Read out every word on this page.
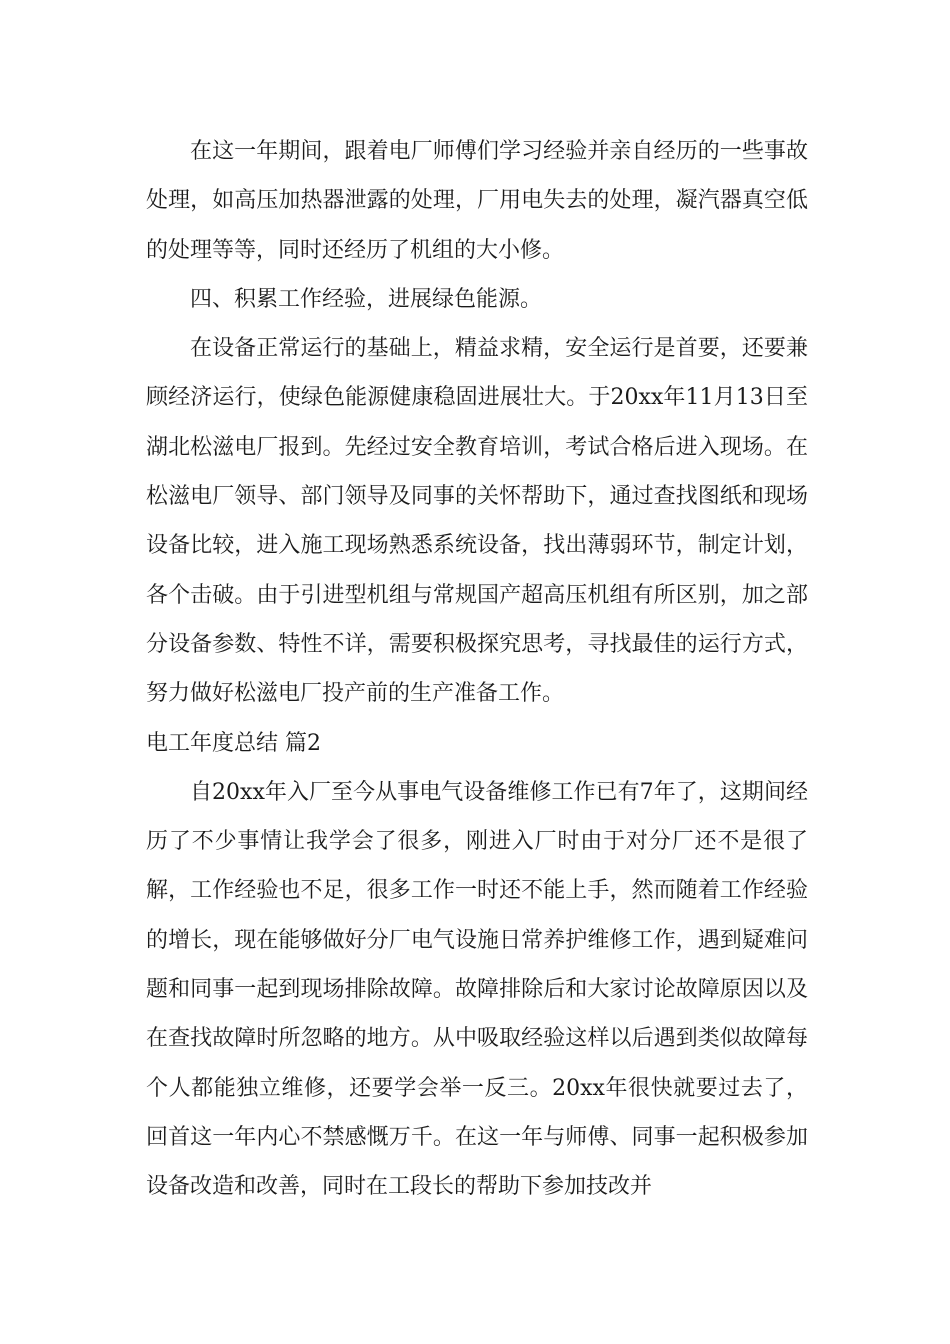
在这一年期间，跟着电厂师傅们学习经验并亲自经历的一些事故处理，如高压加热器泄露的处理，厂用电失去的处理，凝汽器真空低的处理等等，同时还经历了机组的大小修。

四、积累工作经验，进展绿色能源。

在设备正常运行的基础上，精益求精，安全运行是首要，还要兼顾经济运行，使绿色能源健康稳固进展壮大。于20xx年11月13日至湖北松滋电厂报到。先经过安全教育培训，考试合格后进入现场。在松滋电厂领导、部门领导及同事的关怀帮助下，通过查找图纸和现场设备比较，进入施工现场熟悉系统设备，找出薄弱环节，制定计划，各个击破。由于引进型机组与常规国产超高压机组有所区别，加之部分设备参数、特性不详，需要积极探究思考，寻找最佳的运行方式，努力做好松滋电厂投产前的生产准备工作。

电工年度总结 篇2

自20xx年入厂至今从事电气设备维修工作已有7年了，这期间经历了不少事情让我学会了很多，刚进入厂时由于对分厂还不是很了解，工作经验也不足，很多工作一时还不能上手，然而随着工作经验的增长，现在能够做好分厂电气设施日常养护维修工作，遇到疑难问题和同事一起到现场排除故障。故障排除后和大家讨论故障原因以及在查找故障时所忽略的地方。从中吸取经验这样以后遇到类似故障每个人都能独立维修，还要学会举一反三。20xx年很快就要过去了，回首这一年内心不禁感慨万千。在这一年与师傅、同事一起积极参加设备改造和改善，同时在工段长的帮助下参加技改并
